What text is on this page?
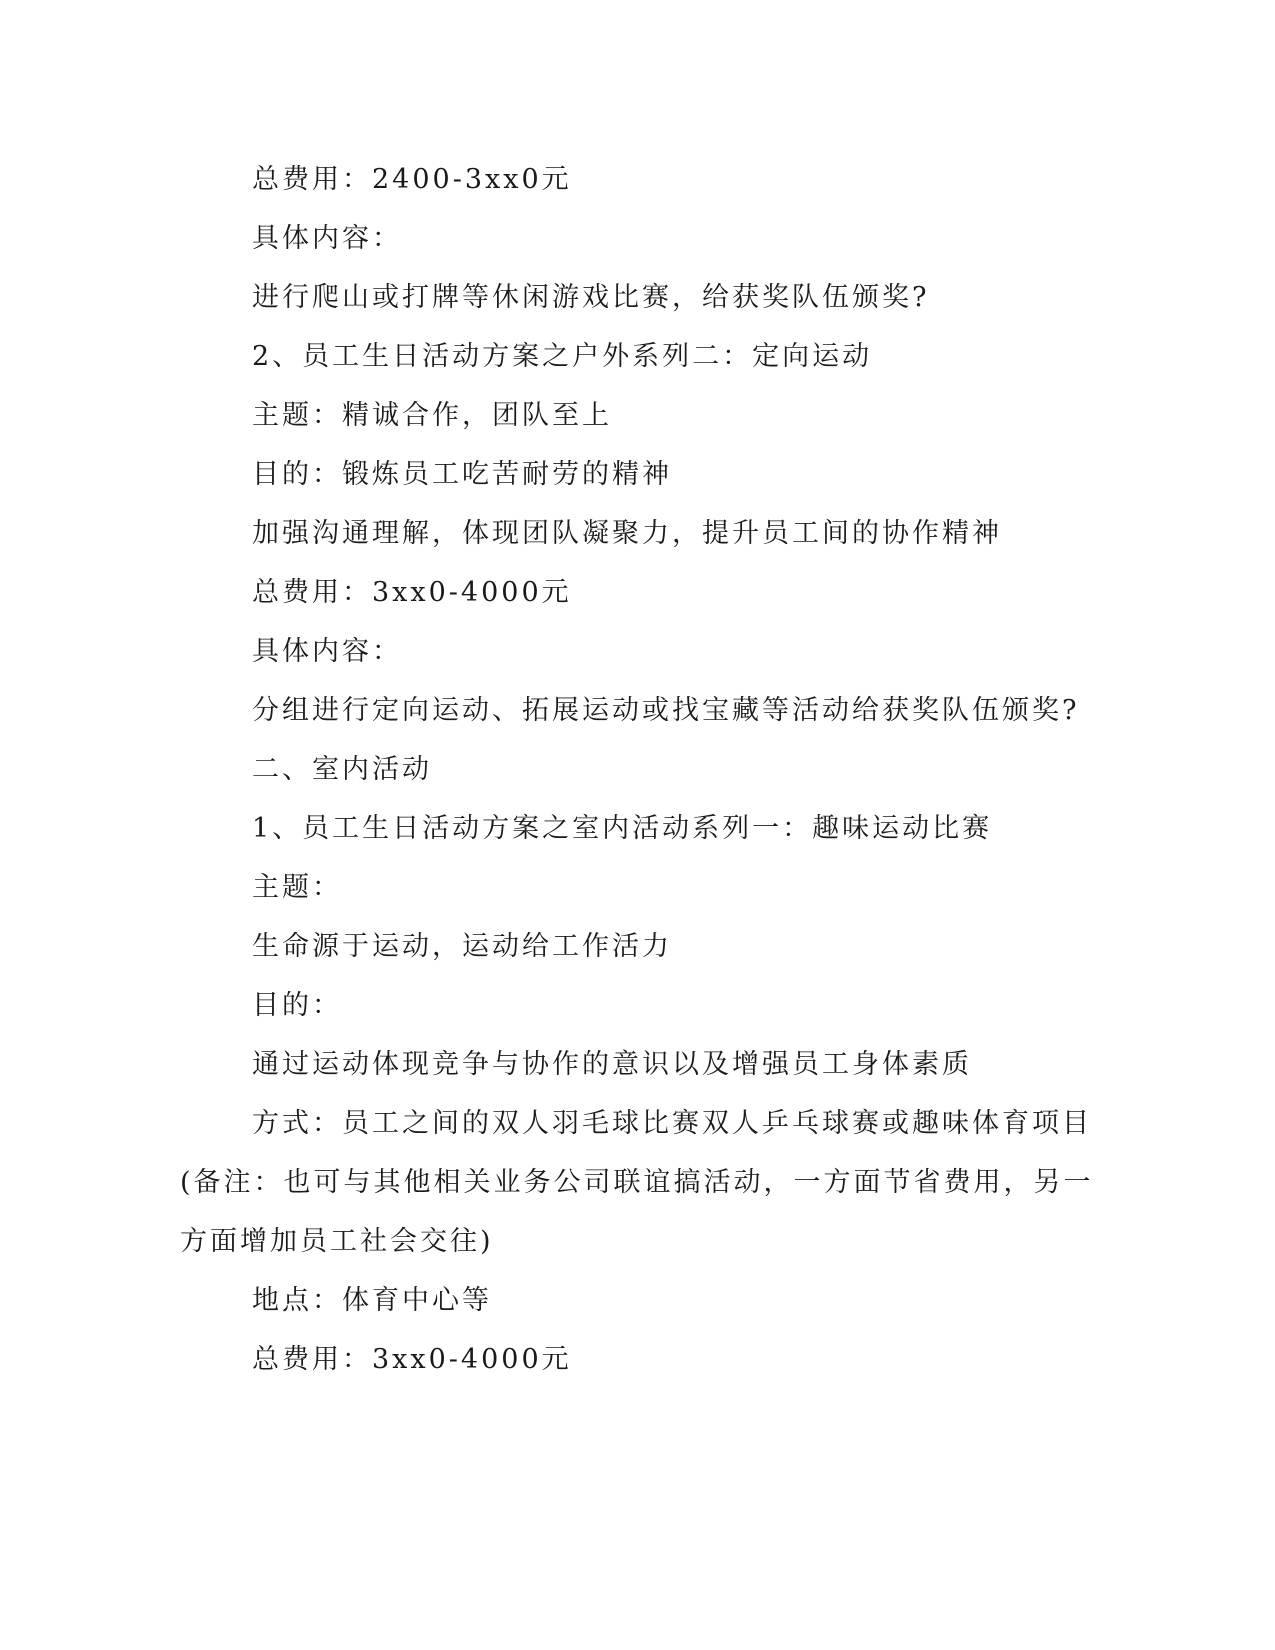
总费用：2400-3xx0元
具体内容：
进行爬山或打牌等休闲游戏比赛，给获奖队伍颁奖?
2、员工生日活动方案之户外系列二：定向运动
主题：精诚合作，团队至上
目的：锻炼员工吃苦耐劳的精神
加强沟通理解，体现团队凝聚力，提升员工间的协作精神
总费用：3xx0-4000元
具体内容：
分组进行定向运动、拓展运动或找宝藏等活动给获奖队伍颁奖?
二、室内活动
1、员工生日活动方案之室内活动系列一：趣味运动比赛
主题：
生命源于运动，运动给工作活力
目的：
通过运动体现竞争与协作的意识以及增强员工身体素质
方式：员工之间的双人羽毛球比赛双人乒乓球赛或趣味体育项目
(备注：也可与其他相关业务公司联谊搞活动，一方面节省费用，另一
方面增加员工社会交往)
地点：体育中心等
总费用：3xx0-4000元
